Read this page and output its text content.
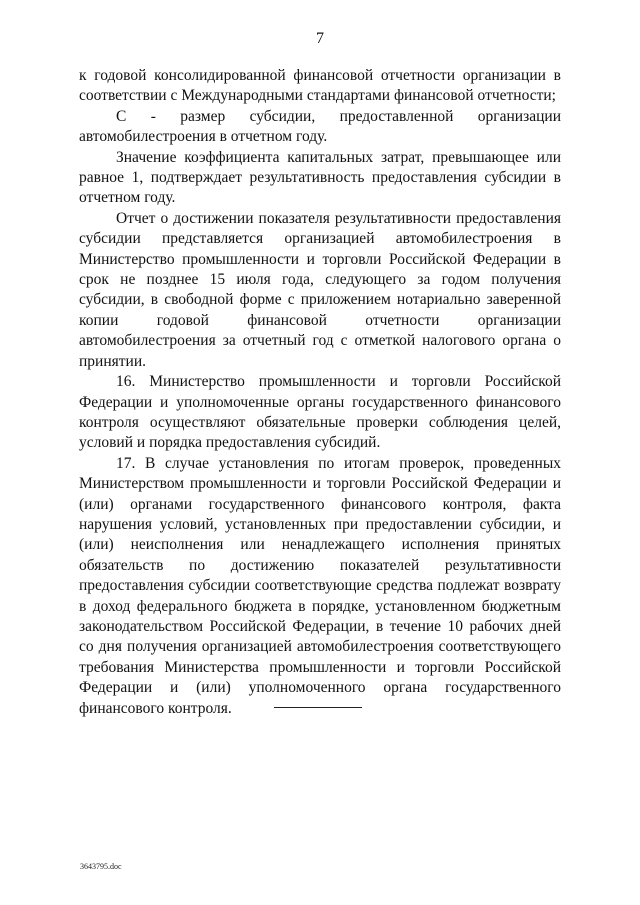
7

к годовой консолидированной финансовой отчетности организации в соответствии с Международными стандартами финансовой отчетности;

C - размер субсидии, предоставленной организации автомобилестроения в отчетном году.

Значение коэффициента капитальных затрат, превышающее или равное 1, подтверждает результативность предоставления субсидии в отчетном году.

Отчет о достижении показателя результативности предоставления субсидии представляется организацией автомобилестроения в Министерство промышленности и торговли Российской Федерации в срок не позднее 15 июля года, следующего за годом получения субсидии, в свободной форме с приложением нотариально заверенной копии годовой финансовой отчетности организации автомобилестроения за отчетный год с отметкой налогового органа о принятии.

16. Министерство промышленности и торговли Российской Федерации и уполномоченные органы государственного финансового контроля осуществляют обязательные проверки соблюдения целей, условий и порядка предоставления субсидий.

17. В случае установления по итогам проверок, проведенных Министерством промышленности и торговли Российской Федерации и (или) органами государственного финансового контроля, факта нарушения условий, установленных при предоставлении субсидии, и (или) неисполнения или ненадлежащего исполнения принятых обязательств по достижению показателей результативности предоставления субсидии соответствующие средства подлежат возврату в доход федерального бюджета в порядке, установленном бюджетным законодательством Российской Федерации, в течение 10 рабочих дней со дня получения организацией автомобилестроения соответствующего требования Министерства промышленности и торговли Российской Федерации и (или) уполномоченного органа государственного финансового контроля.

3643795.doc
